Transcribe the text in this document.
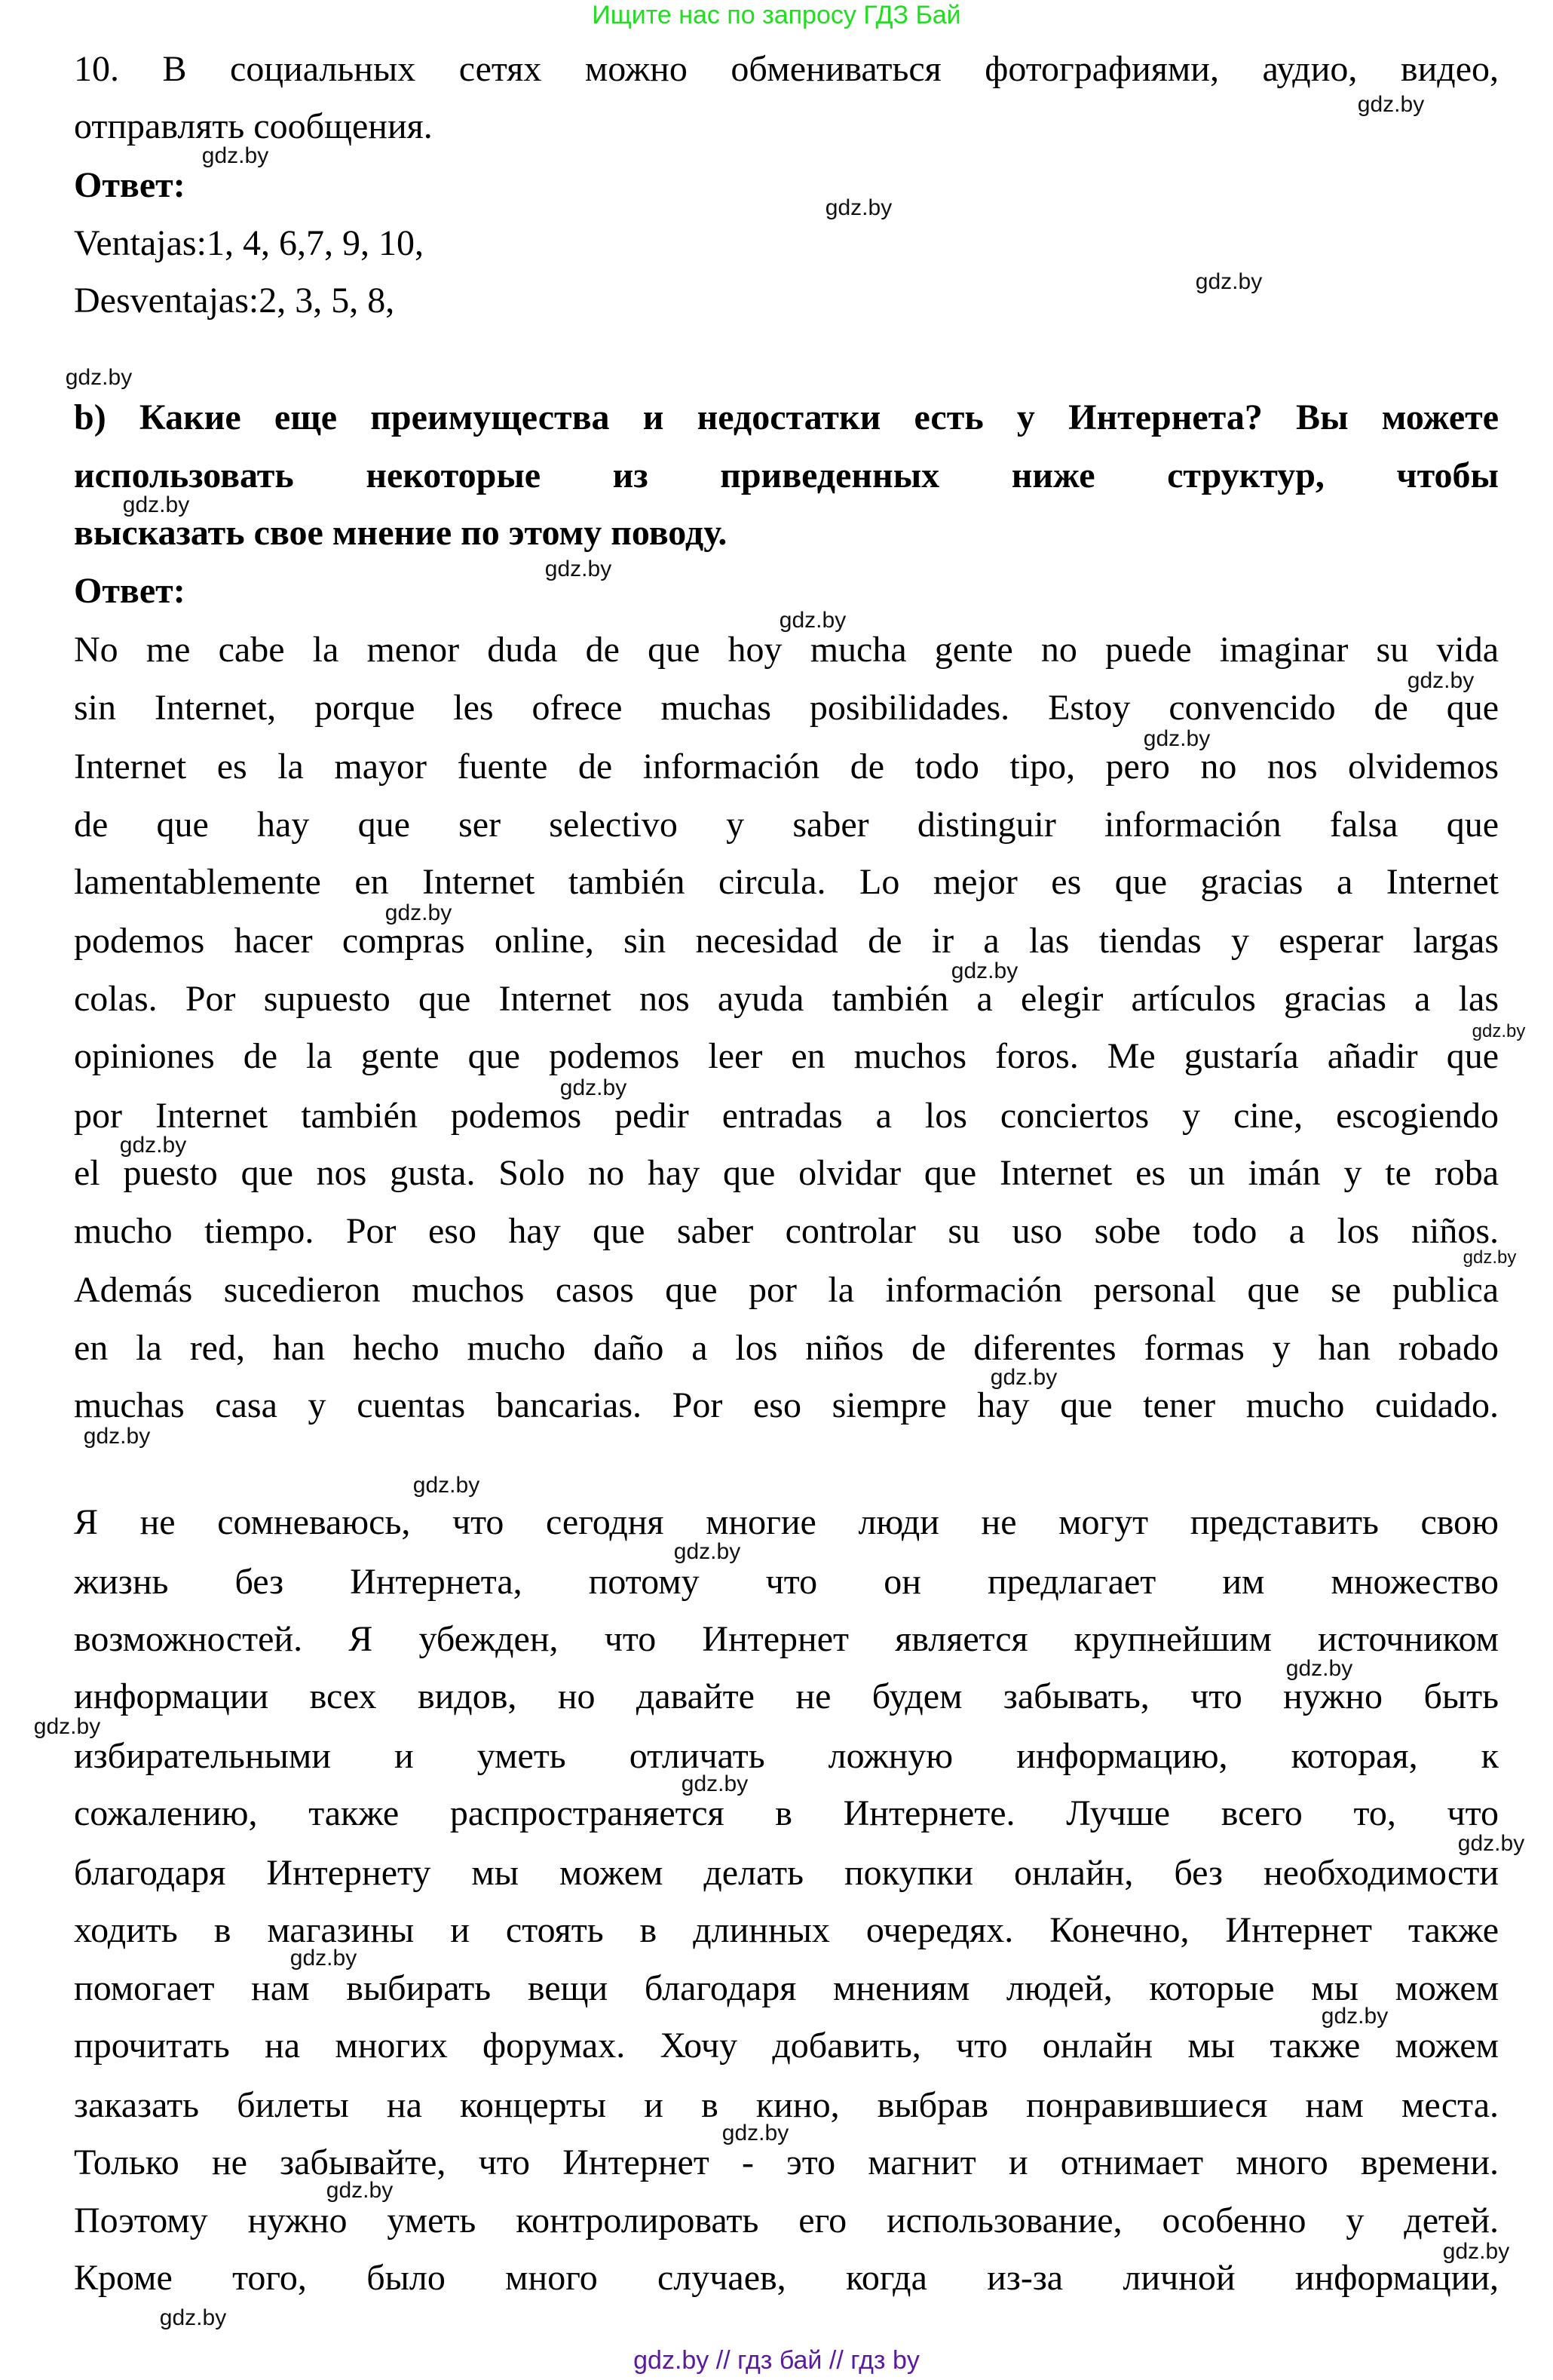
Ищите нас по запросу ГДЗ Бай
10. В социальных сетях можно обмениваться фотографиями, аудио, видео,
отправлять сообщения.
Ответ:
Ventajas:1, 4, 6,7, 9, 10,
Desventajas:2, 3, 5, 8,
b) Какие еще преимущества и недостатки есть у Интернета? Вы можете
использовать некоторые из приведенных ниже структур, чтобы
высказать свое мнение по этому поводу.
Ответ:
No me cabe la menor duda de que hoy mucha gente no puede imaginar su vida
sin Internet, porque les ofrece muchas posibilidades. Estoy convencido de que
Internet es la mayor fuente de información de todo tipo, pero no nos olvidemos
de que hay que ser selectivo y saber distinguir información falsa que
lamentablemente en Internet también circula. Lo mejor es que gracias a Internet
podemos hacer compras online, sin necesidad de ir a las tiendas y esperar largas
colas. Por supuesto que Internet nos ayuda también a elegir artículos gracias a las
opiniones de la gente que podemos leer en muchos foros. Me gustaría añadir que
por Internet también podemos pedir entradas a los conciertos y cine, escogiendo
el puesto que nos gusta. Solo no hay que olvidar que Internet es un imán y te roba
mucho tiempo. Por eso hay que saber controlar su uso sobe todo a los niños.
Además sucedieron muchos casos que por la información personal que se publica
en la red, han hecho mucho daño a los niños de diferentes formas y han robado
muchas casa y cuentas bancarias. Por eso siempre hay que tener mucho cuidado.
Я не сомневаюсь, что сегодня многие люди не могут представить свою
жизнь без Интернета, потому что он предлагает им множество
возможностей. Я убежден, что Интернет является крупнейшим источником
информации всех видов, но давайте не будем забывать, что нужно быть
избирательными и уметь отличать ложную информацию, которая, к
сожалению, также распространяется в Интернете. Лучше всего то, что
благодаря Интернету мы можем делать покупки онлайн, без необходимости
ходить в магазины и стоять в длинных очередях. Конечно, Интернет также
помогает нам выбирать вещи благодаря мнениям людей, которые мы можем
прочитать на многих форумах. Хочу добавить, что онлайн мы также можем
заказать билеты на концерты и в кино, выбрав понравившиеся нам места.
Только не забывайте, что Интернет - это магнит и отнимает много времени.
Поэтому нужно уметь контролировать его использование, особенно у детей.
Кроме того, было много случаев, когда из-за личной информации,
gdz.by
gdz.by
gdz.by
gdz.by
gdz.by
gdz.by
gdz.by
gdz.by
gdz.by
gdz.by
gdz.by
gdz.by
gdz.by
gdz.by
gdz.by
gdz.by
gdz.by
gdz.by
gdz.by
gdz.by
gdz.by
gdz.by
gdz.by
gdz.by
gdz.by
gdz.by
gdz.by
gdz.by
gdz.by
gdz.by
gdz.by // гдз бай // гдз by
